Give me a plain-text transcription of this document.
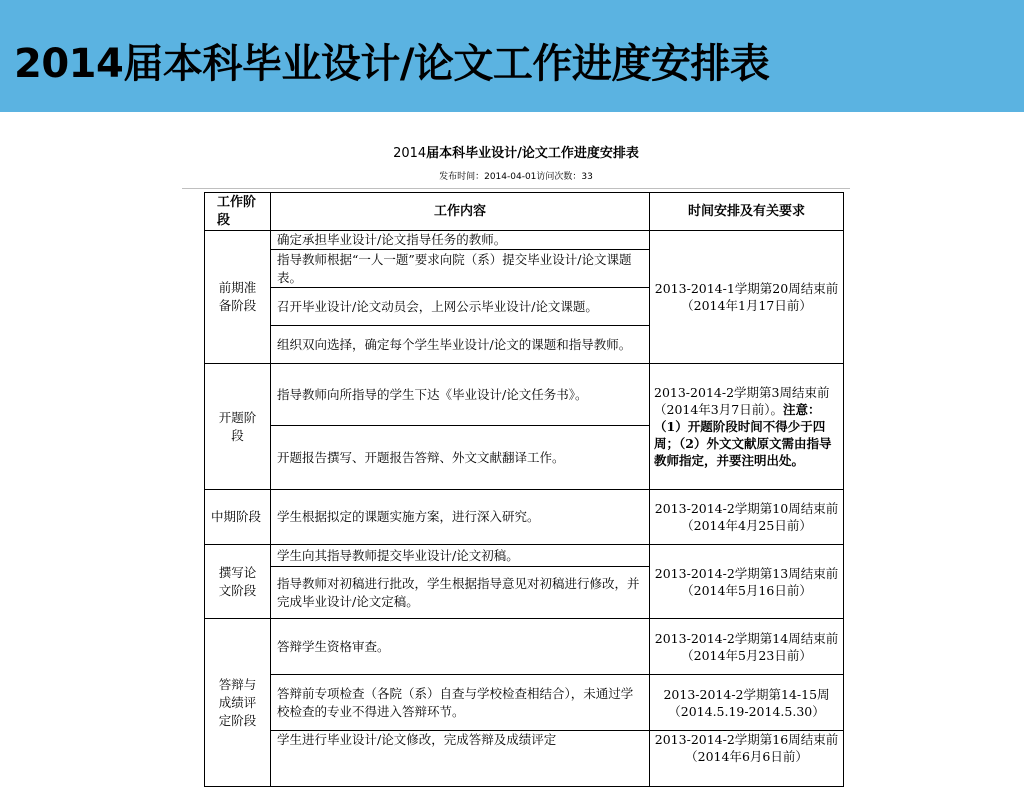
2014届本科毕业设计/论文工作进度安排表
2014届本科毕业设计/论文工作进度安排表
发布时间：2014-04-01访问次数：33
工作阶段	工作内容	时间安排及有关要求
前期准备阶段	确定承担毕业设计/论文指导任务的教师。	2013-2014-1学期第20周结束前（2014年1月17日前）
	指导教师根据“一人一题”要求向院（系）提交毕业设计/论文课题表。	
	召开毕业设计/论文动员会，上网公示毕业设计/论文课题。	
	组织双向选择，确定每个学生毕业设计/论文的课题和指导教师。	
开题阶段	指导教师向所指导的学生下达《毕业设计/论文任务书》。	2013-2014-2学期第3周结束前（2014年3月7日前）。注意：（1）开题阶段时间不得少于四周；（2）外文文献原文需由指导教师指定，并要注明出处。
	开题报告撰写、开题报告答辩、外文文献翻译工作。	
中期阶段	学生根据拟定的课题实施方案，进行深入研究。	2013-2014-2学期第10周结束前（2014年4月25日前）
撰写论文阶段	学生向其指导教师提交毕业设计/论文初稿。	2013-2014-2学期第13周结束前（2014年5月16日前）
	指导教师对初稿进行批改，学生根据指导意见对初稿进行修改，并完成毕业设计/论文定稿。	
答辩与成绩评定阶段	答辩学生资格审查。	2013-2014-2学期第14周结束前（2014年5月23日前）
	答辩前专项检查（各院（系）自查与学校检查相结合），未通过学校检查的专业不得进入答辩环节。	2013-2014-2学期第14-15周（2014.5.19-2014.5.30）
	学生进行毕业设计/论文修改，完成答辩及成绩评定	2013-2014-2学期第16周结束前（2014年6月6日前）
